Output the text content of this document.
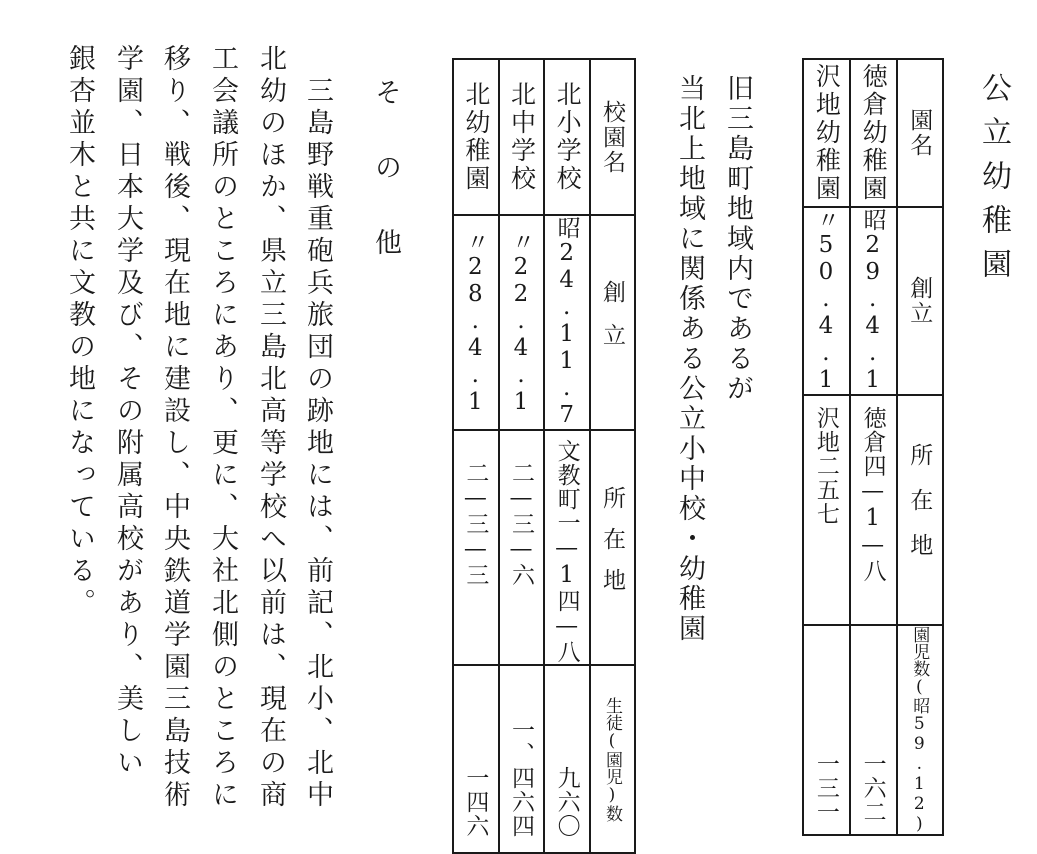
公立幼稚園
沢地幼稚園	徳倉幼稚園	園名

〃50.4.1	昭29.4.1	創立

沢地二五七	徳倉四—1—八	所在地

一三一	一六二	園児数(昭59.12)
旧三島町地域内であるが
当北上地域に関係ある公立小中校・幼稚園
北幼稚園	北中学校	北小学校	校園名

〃28.4.1	〃22.4.1	昭24.11.7	創立

二—三—三	二—三—六	文教町一—1四—八	所在地

一四六	一、四六四	九六〇	生徒(園児)数
その他
三島野戦重砲兵旅団の跡地には、前記、北小、北中
北幼のほか、県立三島北高等学校へ以前は、現在の商
工会議所のところにあり、更に、大社北側のところに
移り、戦後、現在地に建設し、中央鉄道学園三島技術
学園、日本大学及び、その附属高校があり、美しい
銀杏並木と共に文教の地になっている。
